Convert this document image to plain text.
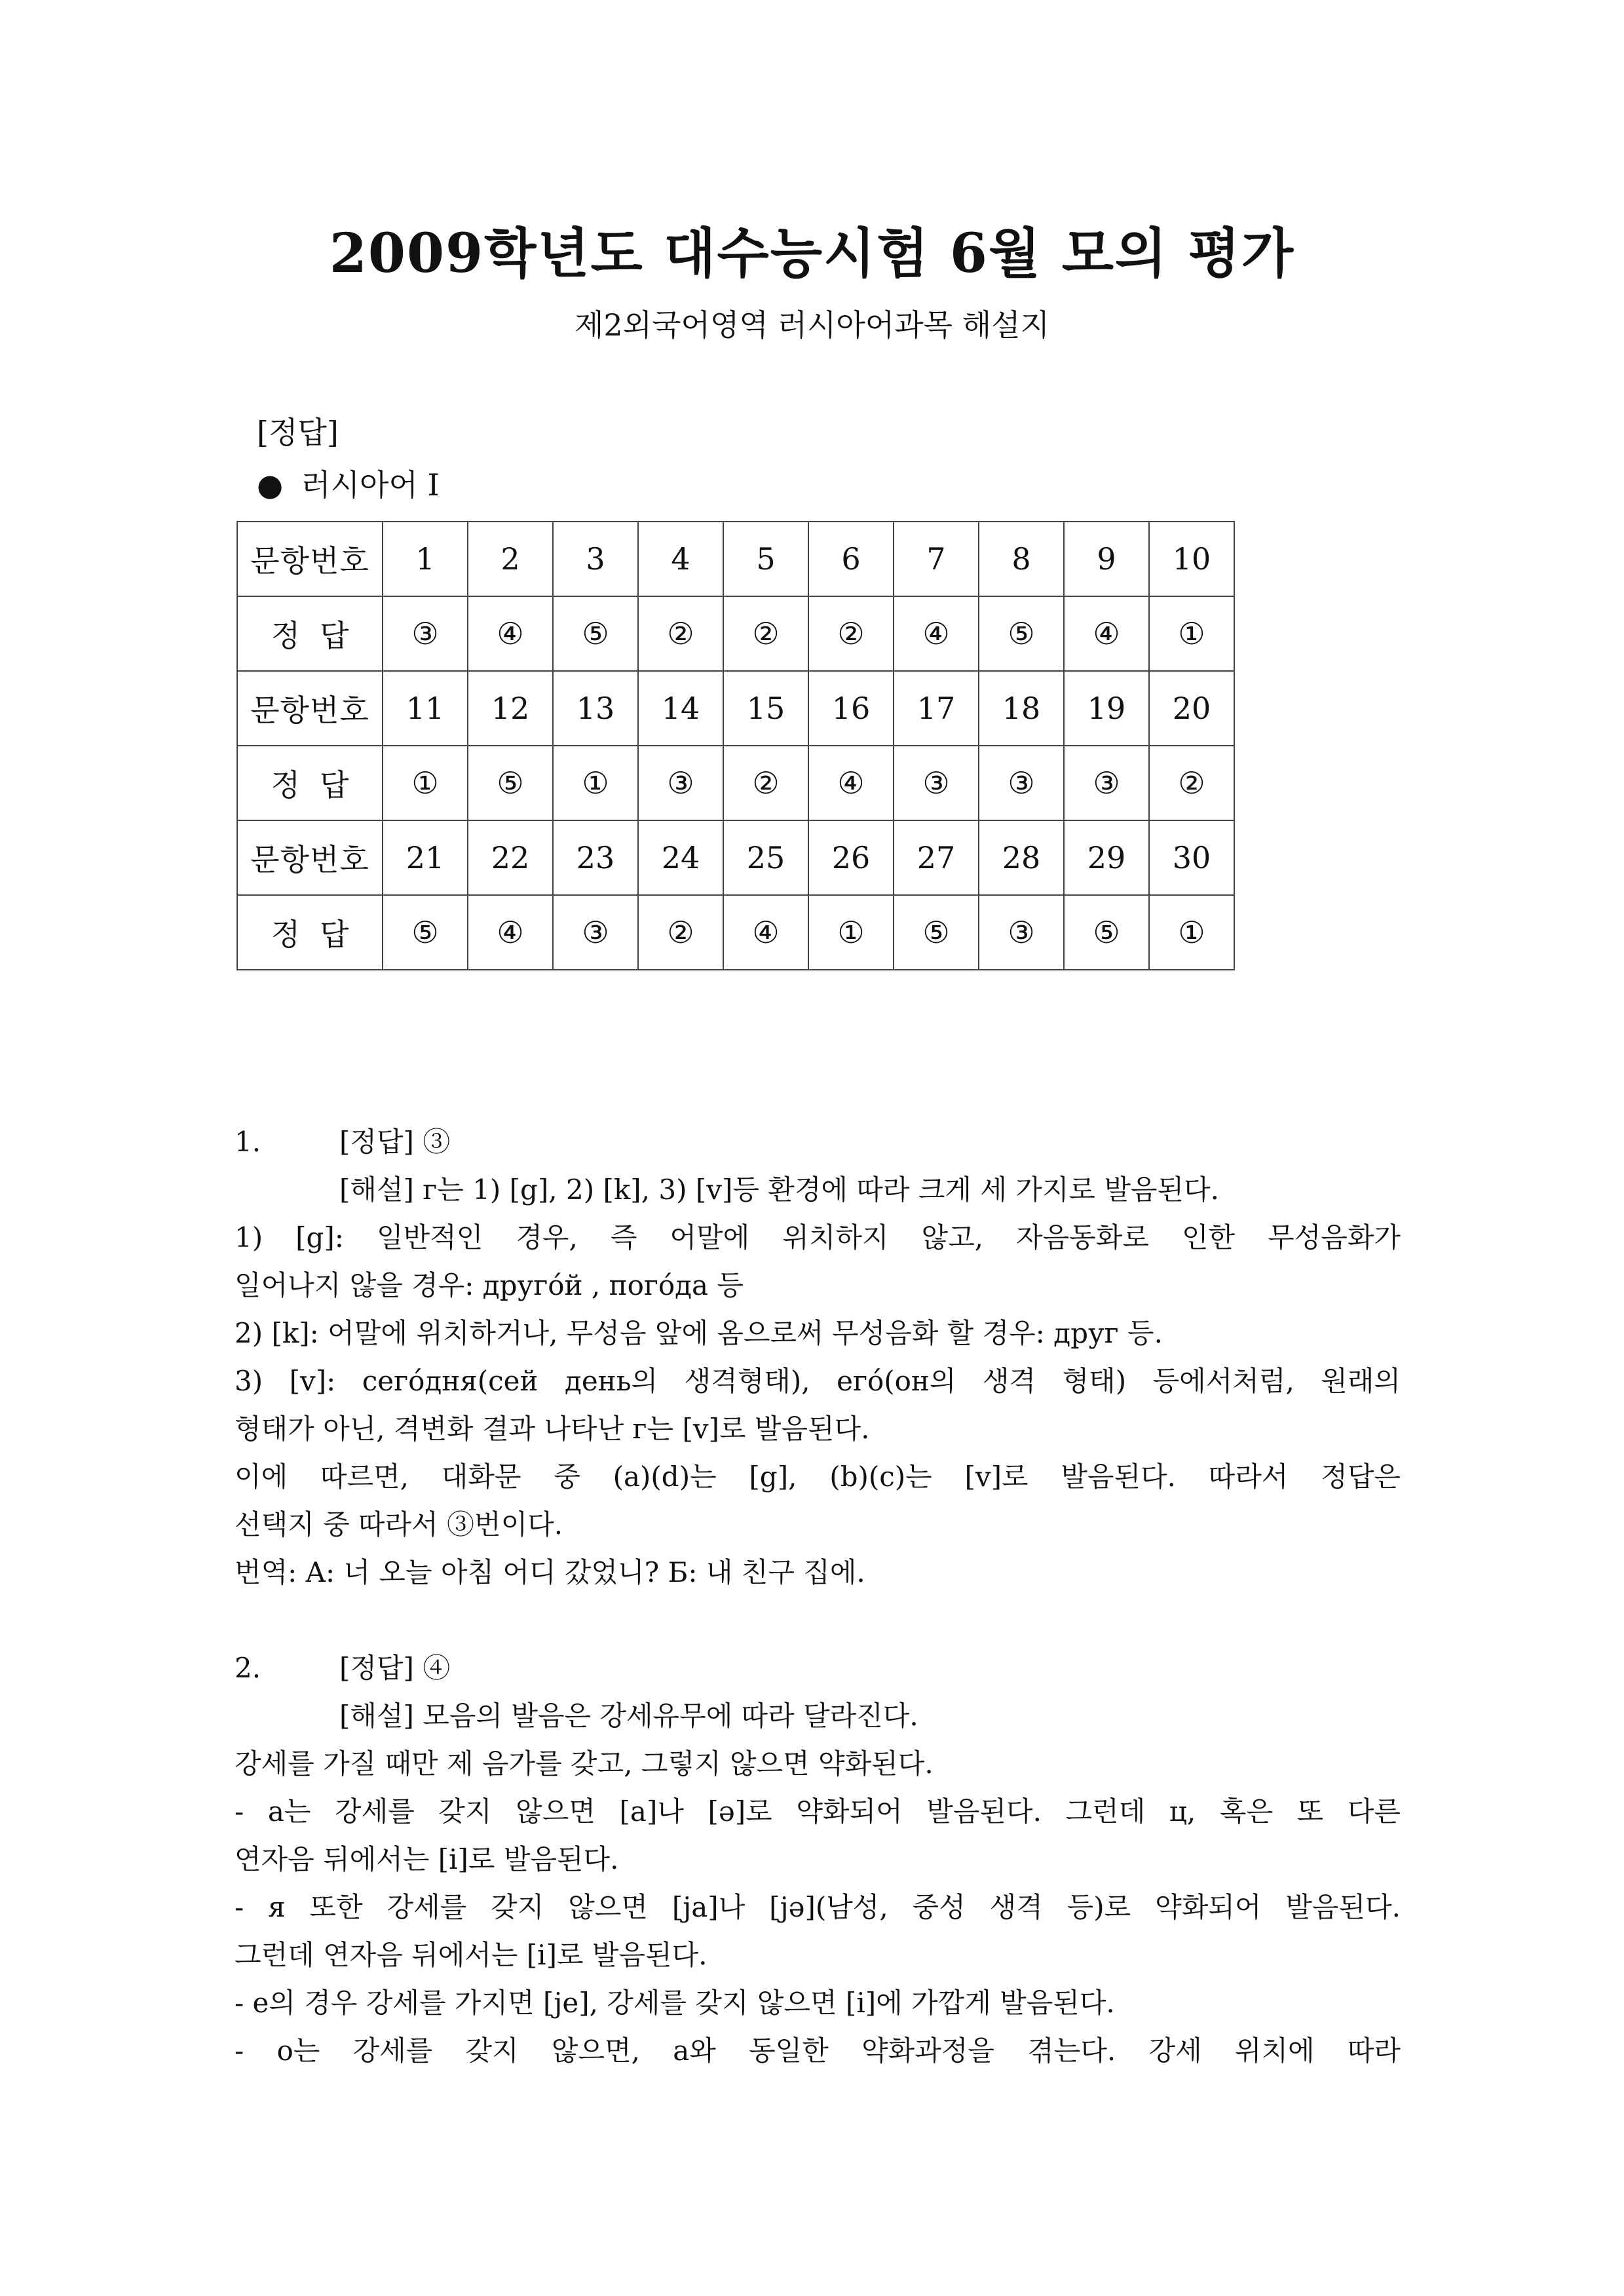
2009학년도 대수능시험 6월 모의 평가
제2외국어영역 러시아어과목 해설지
[정답]
● 러시아어 Ⅰ
문항번호	1	2	3	4	5	6	7	8	9	10
정답	③	④	⑤	②	②	②	④	⑤	④	①
문항번호	11	12	13	14	15	16	17	18	19	20
정답	①	⑤	①	③	②	④	③	③	③	②
문항번호	21	22	23	24	25	26	27	28	29	30
정답	⑤	④	③	②	④	①	⑤	③	⑤	①
1.	[정답] ③
[해설] г는 1) [g], 2) [k], 3) [v]등 환경에 따라 크게 세 가지로 발음된다.
1) [g]: 일반적인 경우, 즉 어말에 위치하지 않고, 자음동화로 인한 무성음화가
일어나지 않을 경우: друго́й , пого́да 등
2) [k]: 어말에 위치하거나, 무성음 앞에 옴으로써 무성음화 할 경우: друг 등.
3) [v]: сего́дня(сей день의 생격형태), его́(он의 생격 형태) 등에서처럼, 원래의
형태가 아닌, 격변화 결과 나타난 г는 [v]로 발음된다.
이에 따르면, 대화문 중 (a)(d)는 [g], (b)(c)는 [v]로 발음된다. 따라서 정답은
선택지 중 따라서 ③번이다.
번역: A: 너 오늘 아침 어디 갔었니? Б: 내 친구 집에.
2.	[정답] ④
[해설] 모음의 발음은 강세유무에 따라 달라진다.
강세를 가질 때만 제 음가를 갖고, 그렇지 않으면 약화된다.
- a는 강세를 갖지 않으면 [a]나 [ə]로 약화되어 발음된다. 그런데 ц, 혹은 또 다른
연자음 뒤에서는 [i]로 발음된다.
- я 또한 강세를 갖지 않으면 [ja]나 [jə](남성, 중성 생격 등)로 약화되어 발음된다.
그런데 연자음 뒤에서는 [i]로 발음된다.
- e의 경우 강세를 가지면 [je], 강세를 갖지 않으면 [i]에 가깝게 발음된다.
- o는 강세를 갖지 않으면, a와 동일한 약화과정을 겪는다. 강세 위치에 따라
